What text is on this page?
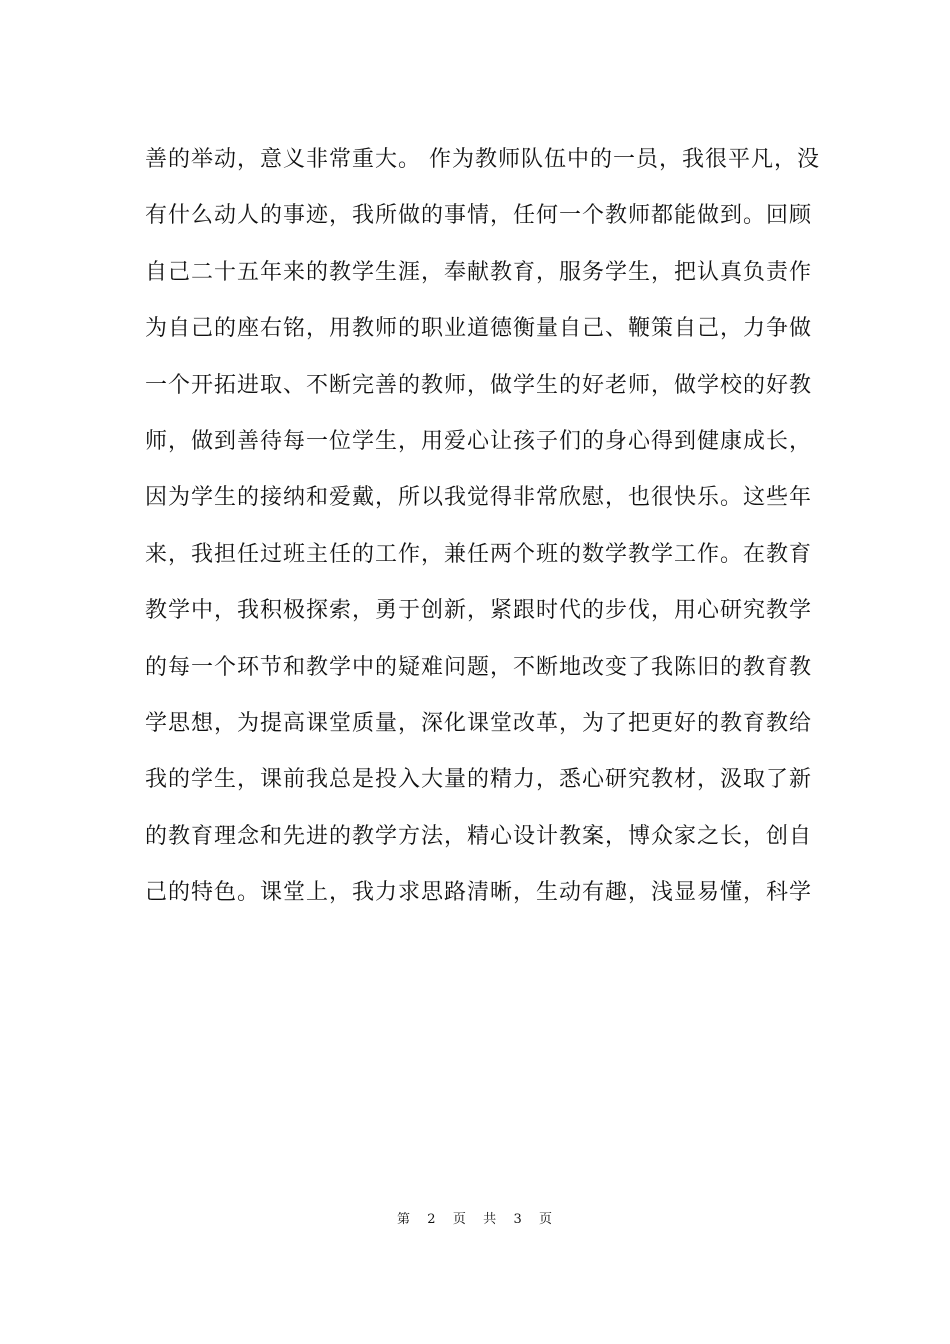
善的举动，意义非常重大。 作为教师队伍中的一员，我很平凡，没
有什么动人的事迹，我所做的事情，任何一个教师都能做到。回顾
自己二十五年来的教学生涯，奉献教育，服务学生，把认真负责作
为自己的座右铭，用教师的职业道德衡量自己、鞭策自己，力争做
一个开拓进取、不断完善的教师，做学生的好老师，做学校的好教
师，做到善待每一位学生，用爱心让孩子们的身心得到健康成长，
因为学生的接纳和爱戴，所以我觉得非常欣慰，也很快乐。这些年
来，我担任过班主任的工作，兼任两个班的数学教学工作。在教育
教学中，我积极探索，勇于创新，紧跟时代的步伐，用心研究教学
的每一个环节和教学中的疑难问题，不断地改变了我陈旧的教育教
学思想，为提高课堂质量，深化课堂改革，为了把更好的教育教给
我的学生，课前我总是投入大量的精力，悉心研究教材，汲取了新
的教育理念和先进的教学方法，精心设计教案，博众家之长，创自
己的特色。课堂上，我力求思路清晰，生动有趣，浅显易懂，科学
第 2 页 共 3 页
